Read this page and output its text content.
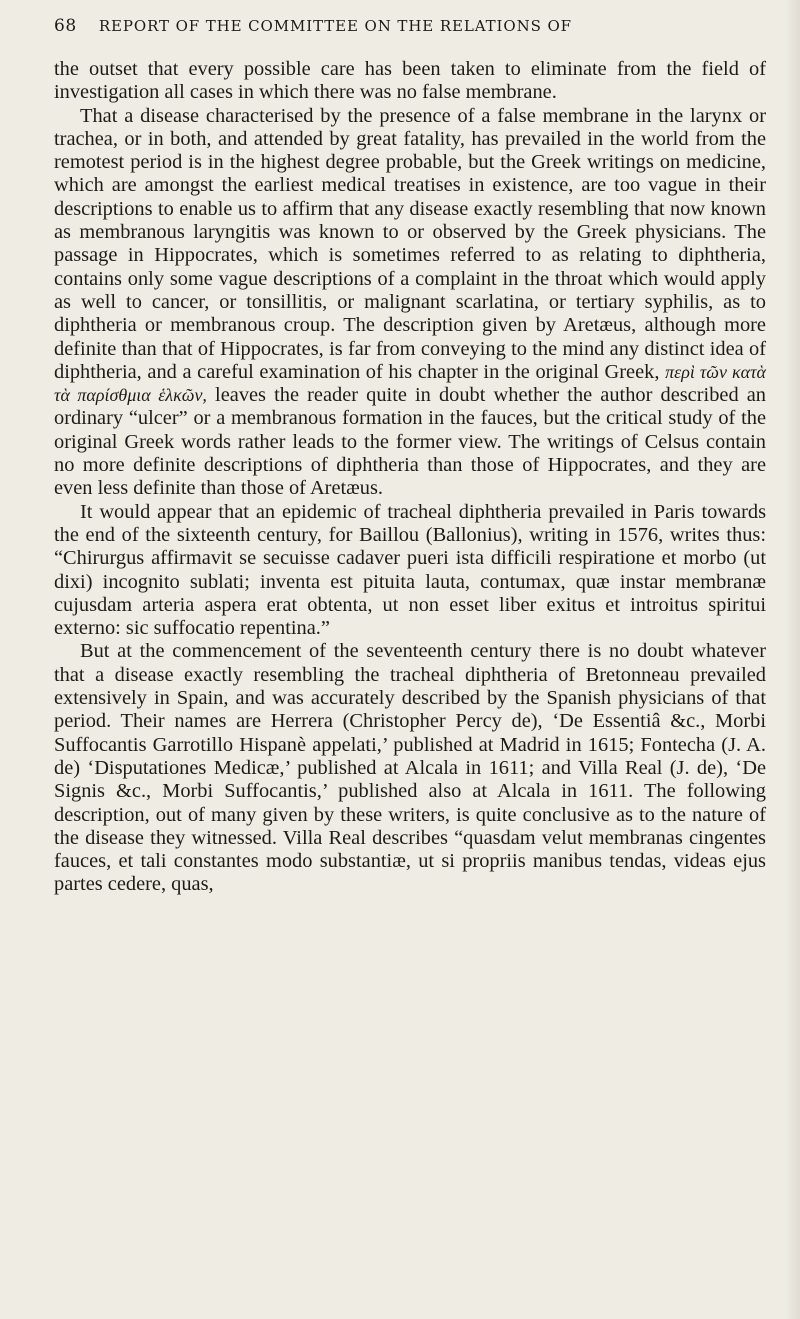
68 REPORT OF THE COMMITTEE ON THE RELATIONS OF

the outset that every possible care has been taken to eliminate from the field of investigation all cases in which there was no false membrane.

That a disease characterised by the presence of a false membrane in the larynx or trachea, or in both, and attended by great fatality, has prevailed in the world from the remotest period is in the highest degree probable, but the Greek writings on medicine, which are amongst the earliest medical treatises in existence, are too vague in their descriptions to enable us to affirm that any disease exactly resembling that now known as membranous laryngitis was known to or observed by the Greek physicians. The passage in Hippocrates, which is sometimes referred to as relating to diphtheria, contains only some vague descriptions of a complaint in the throat which would apply as well to cancer, or tonsillitis, or malignant scarlatina, or tertiary syphilis, as to diphtheria or membranous croup. The description given by Aretæus, although more definite than that of Hippocrates, is far from conveying to the mind any distinct idea of diphtheria, and a careful examination of his chapter in the original Greek, περὶ τῶν κατὰ τὰ παρίσθμια ἑλκῶν, leaves the reader quite in doubt whether the author described an ordinary “ulcer” or a membranous formation in the fauces, but the critical study of the original Greek words rather leads to the former view. The writings of Celsus contain no more definite descriptions of diphtheria than those of Hippocrates, and they are even less definite than those of Aretæus.

It would appear that an epidemic of tracheal diphtheria prevailed in Paris towards the end of the sixteenth century, for Baillou (Ballonius), writing in 1576, writes thus: “Chirurgus affirmavit se secuisse cadaver pueri ista difficili respiratione et morbo (ut dixi) incognito sublati; inventa est pituita lauta, contumax, quæ instar membranæ cujusdam arteria aspera erat obtenta, ut non esset liber exitus et introitus spiritui externo: sic suffocatio repentina.”

But at the commencement of the seventeenth century there is no doubt whatever that a disease exactly resembling the tracheal diphtheria of Bretonneau prevailed extensively in Spain, and was accurately described by the Spanish physicians of that period. Their names are Herrera (Christopher Percy de), ‘De Essentiâ &c., Morbi Suffocantis Garrotillo Hispanè appelati,’ published at Madrid in 1615; Fontecha (J. A. de) ‘Disputationes Medicæ,’ published at Alcala in 1611; and Villa Real (J. de), ‘De Signis &c., Morbi Suffocantis,’ published also at Alcala in 1611. The following description, out of many given by these writers, is quite conclusive as to the nature of the disease they witnessed. Villa Real describes “quasdam velut membranas cingentes fauces, et tali constantes modo substantiæ, ut si propriis manibus tendas, videas ejus partes cedere, quas,
